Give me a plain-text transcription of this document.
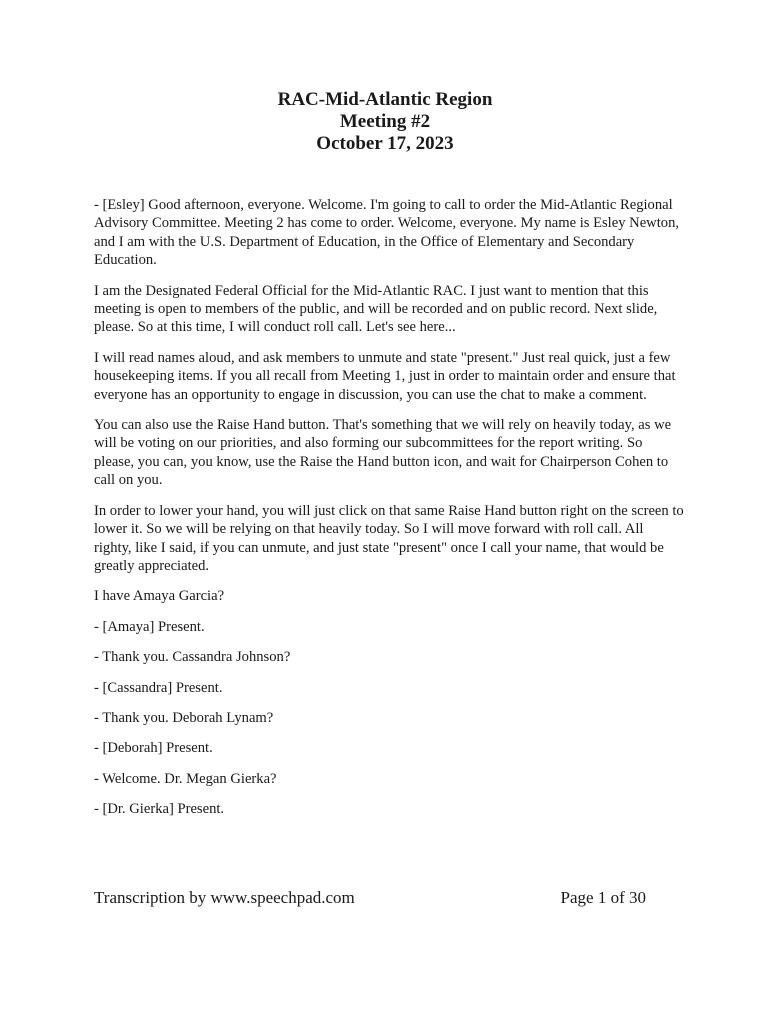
RAC-Mid-Atlantic Region
Meeting #2
October 17, 2023

- [Esley] Good afternoon, everyone. Welcome. I'm going to call to order the Mid-Atlantic Regional Advisory Committee. Meeting 2 has come to order. Welcome, everyone. My name is Esley Newton, and I am with the U.S. Department of Education, in the Office of Elementary and Secondary Education.

I am the Designated Federal Official for the Mid-Atlantic RAC. I just want to mention that this meeting is open to members of the public, and will be recorded and on public record. Next slide, please. So at this time, I will conduct roll call. Let's see here...

I will read names aloud, and ask members to unmute and state "present." Just real quick, just a few housekeeping items. If you all recall from Meeting 1, just in order to maintain order and ensure that everyone has an opportunity to engage in discussion, you can use the chat to make a comment.

You can also use the Raise Hand button. That's something that we will rely on heavily today, as we will be voting on our priorities, and also forming our subcommittees for the report writing. So please, you can, you know, use the Raise the Hand button icon, and wait for Chairperson Cohen to call on you.

In order to lower your hand, you will just click on that same Raise Hand button right on the screen to lower it. So we will be relying on that heavily today. So I will move forward with roll call. All righty, like I said, if you can unmute, and just state "present" once I call your name, that would be greatly appreciated.

I have Amaya Garcia?

- [Amaya] Present.

- Thank you. Cassandra Johnson?

- [Cassandra] Present.

- Thank you. Deborah Lynam?

- [Deborah] Present.

- Welcome. Dr. Megan Gierka?

- [Dr. Gierka] Present.

Transcription by www.speechpad.com	Page 1 of 30
